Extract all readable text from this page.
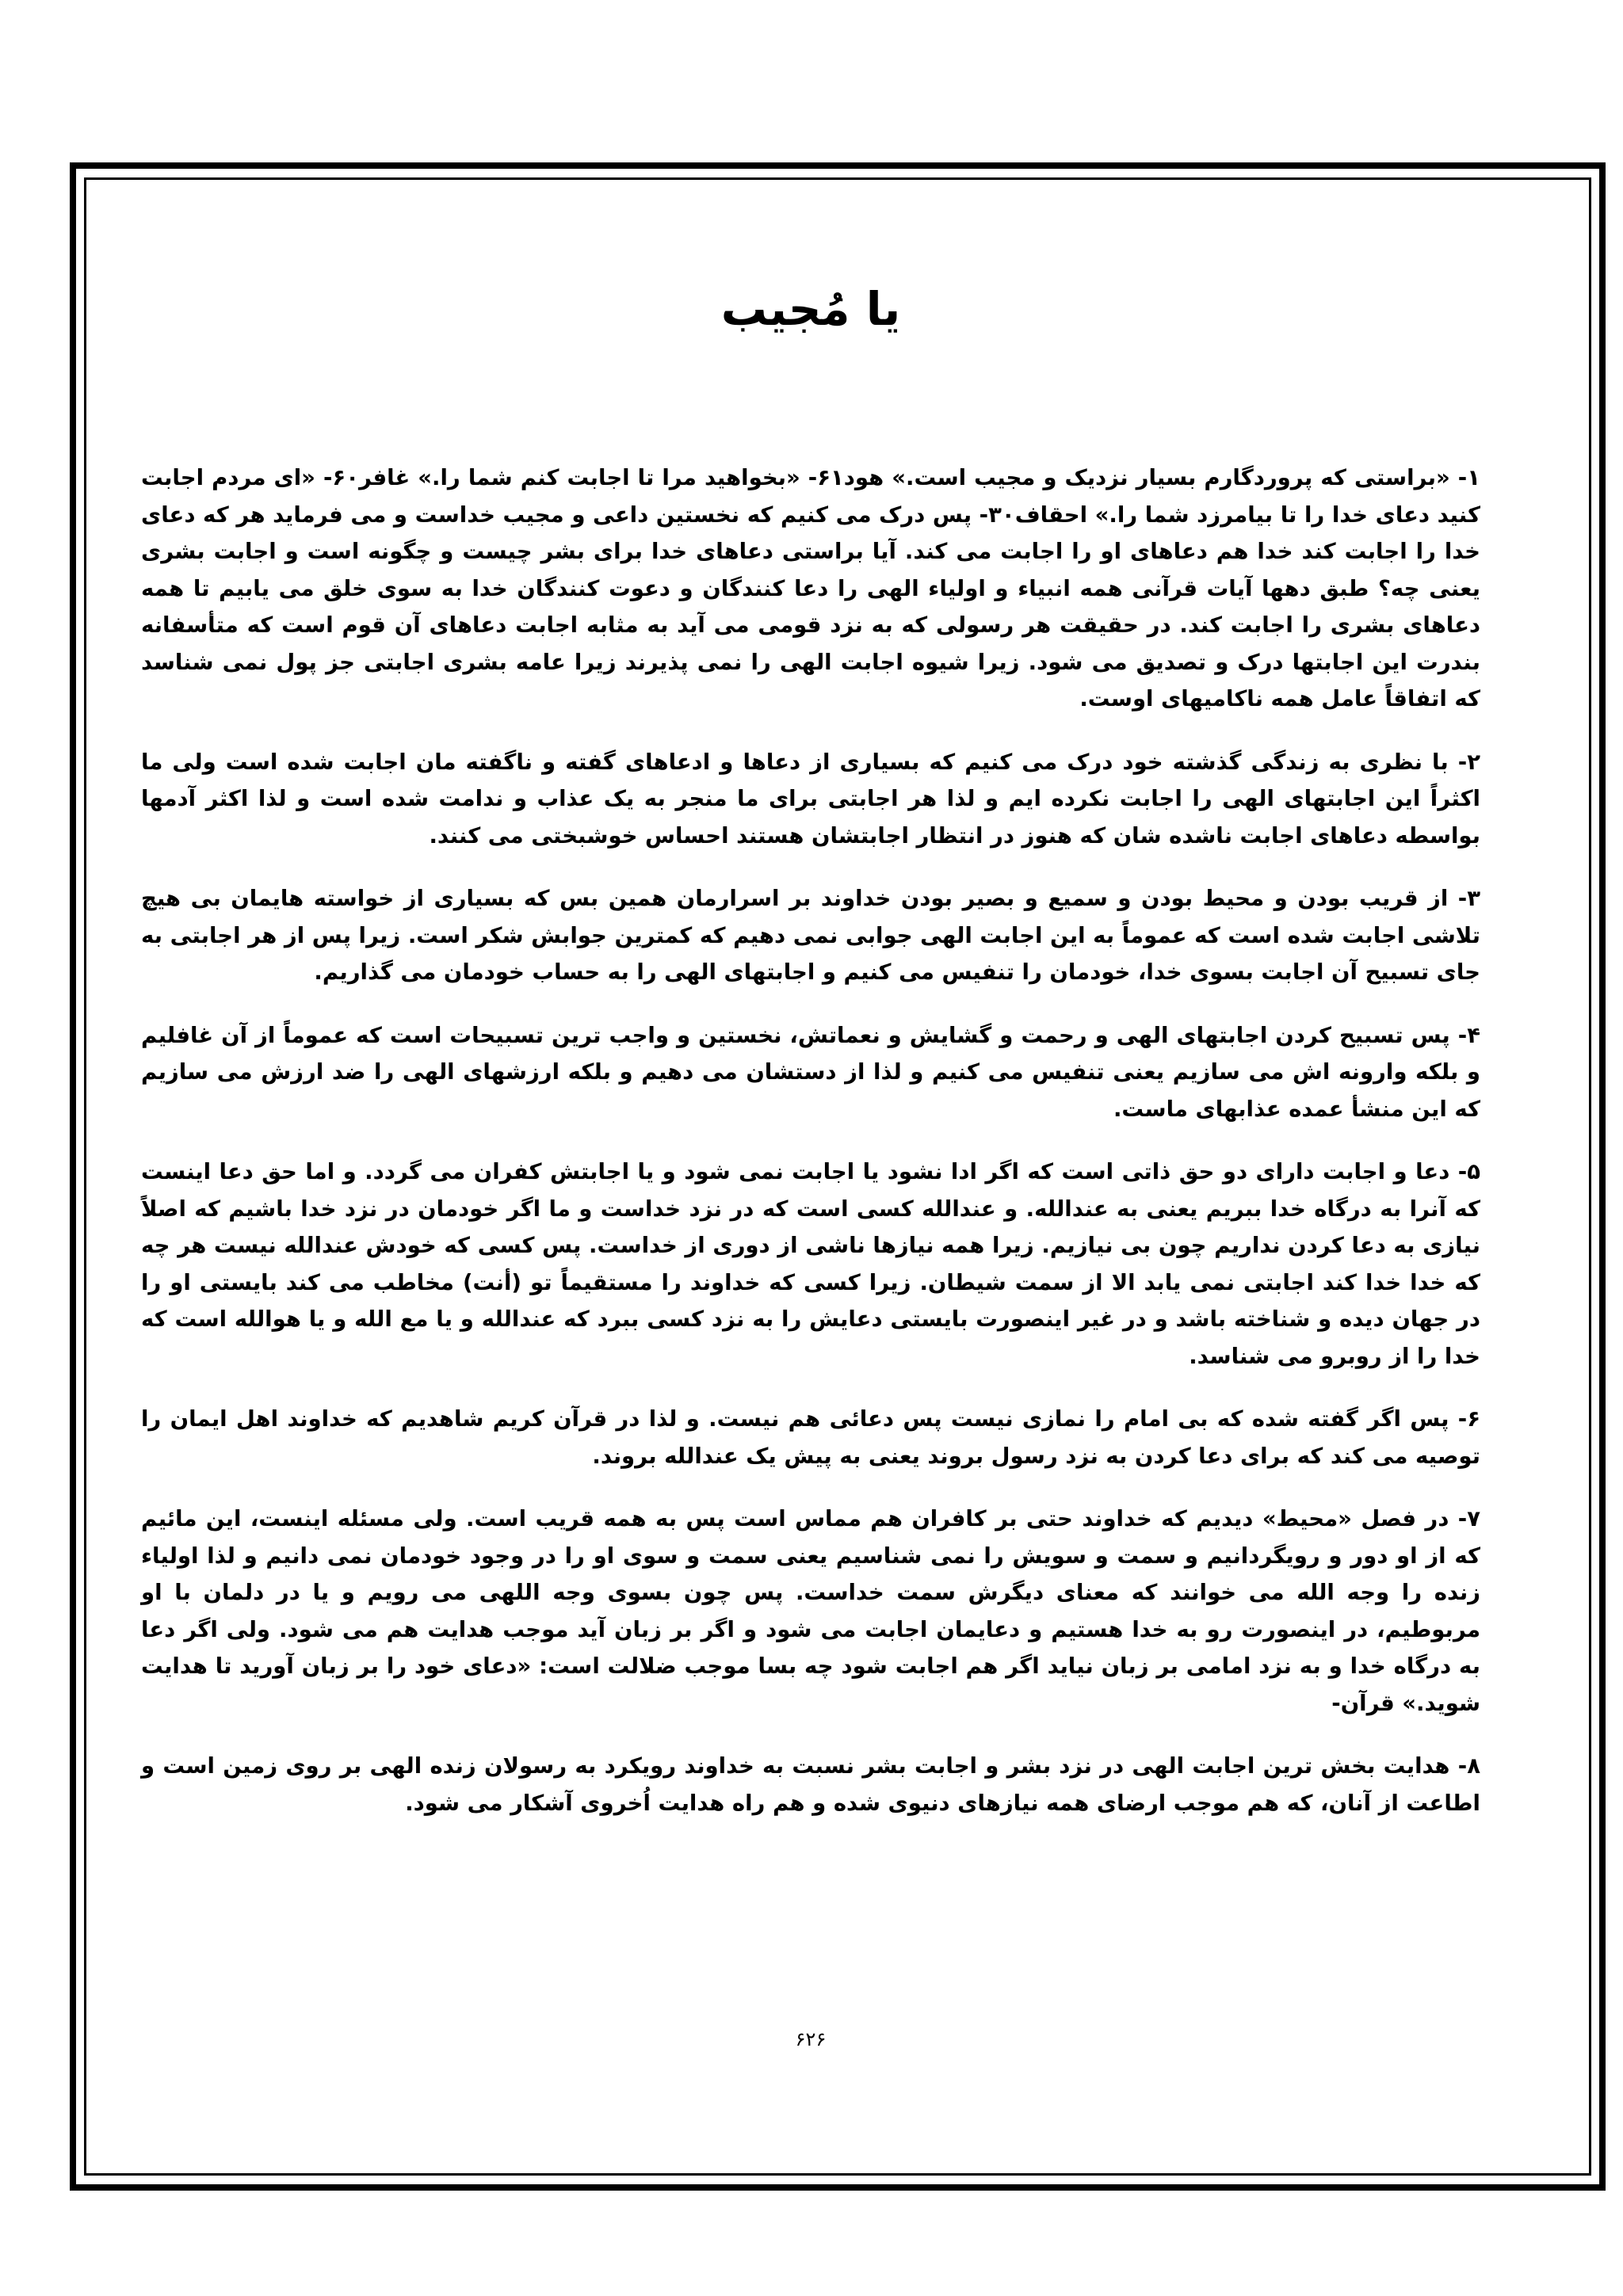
یا مُجیب

۱- «براستی که پروردگارم بسیار نزدیک و مجیب است.» هود۶۱- «بخواهید مرا تا اجابت کنم شما را.» غافر۶۰- «ای مردم اجابت کنید دعای خدا را تا بیامرزد شما را.» احقاف۳۰- پس درک می کنیم که نخستین داعی و مجیب خداست و می فرماید هر که دعای خدا را اجابت کند خدا هم دعاهای او را اجابت می کند. آیا براستی دعاهای خدا برای بشر چیست و چگونه است و اجابت بشری یعنی چه؟ طبق دهها آیات قرآنی همه انبیاء و اولیاء الهی را دعا کنندگان و دعوت کنندگان خدا به سوی خلق می یابیم تا همه دعاهای بشری را اجابت کند. در حقیقت هر رسولی که به نزد قومی می آید به مثابه اجابت دعاهای آن قوم است که متأسفانه بندرت این اجابتها درک و تصدیق می شود. زیرا شیوه اجابت الهی را نمی پذیرند زیرا عامه بشری اجابتی جز پول نمی شناسد که اتفاقاً عامل همه ناکامیهای اوست.

۲- با نظری به زندگی گذشته خود درک می کنیم که بسیاری از دعاها و ادعاهای گفته و ناگفته مان اجابت شده است ولی ما اکثراً این اجابتهای الهی را اجابت نکرده ایم و لذا هر اجابتی برای ما منجر به یک عذاب و ندامت شده است و لذا اکثر آدمها بواسطه دعاهای اجابت ناشده شان که هنوز در انتظار اجابتشان هستند احساس خوشبختی می کنند.

۳- از قریب بودن و محیط بودن و سمیع و بصیر بودن خداوند بر اسرارمان همین بس که بسیاری از خواسته هایمان بی هیچ تلاشی اجابت شده است که عموماً به این اجابت الهی جوابی نمی دهیم که کمترین جوابش شکر است. زیرا پس از هر اجابتی به جای تسبیح آن اجابت بسوی خدا، خودمان را تنفیس می کنیم و اجابتهای الهی را به حساب خودمان می گذاریم.

۴- پس تسبیح کردن اجابتهای الهی و رحمت و گشایش و نعماتش، نخستین و واجب ترین تسبیحات است که عموماً از آن غافلیم و بلکه وارونه اش می سازیم یعنی تنفیس می کنیم و لذا از دستشان می دهیم و بلکه ارزشهای الهی را ضد ارزش می سازیم که این منشأ عمده عذابهای ماست.

۵- دعا و اجابت دارای دو حق ذاتی است که اگر ادا نشود یا اجابت نمی شود و یا اجابتش کفران می گردد. و اما حق دعا اینست که آنرا به درگاه خدا ببریم یعنی به عندالله. و عندالله کسی است که در نزد خداست و ما اگر خودمان در نزد خدا باشیم که اصلاً نیازی به دعا کردن نداریم چون بی نیازیم. زیرا همه نیازها ناشی از دوری از خداست. پس کسی که خودش عندالله نیست هر چه که خدا خدا کند اجابتی نمی یابد الا از سمت شیطان. زیرا کسی که خداوند را مستقیماً تو (أنت) مخاطب می کند بایستی او را در جهان دیده و شناخته باشد و در غیر اینصورت بایستی دعایش را به نزد کسی ببرد که عندالله و یا مع الله و یا هوالله است که خدا را از روبرو می شناسد.

۶- پس اگر گفته شده که بی امام را نمازی نیست پس دعائی هم نیست. و لذا در قرآن کریم شاهدیم که خداوند اهل ایمان را توصیه می کند که برای دعا کردن به نزد رسول بروند یعنی به پیش یک عندالله بروند.

۷- در فصل «محیط» دیدیم که خداوند حتی بر کافران هم مماس است پس به همه قریب است. ولی مسئله اینست، این مائیم که از او دور و رویگردانیم و سمت و سویش را نمی شناسیم یعنی سمت و سوی او را در وجود خودمان نمی دانیم و لذا اولیاء زنده را وجه الله می خوانند که معنای دیگرش سمت خداست. پس چون بسوی وجه اللهی می رویم و یا در دلمان با او مربوطیم، در اینصورت رو به خدا هستیم و دعایمان اجابت می شود و اگر بر زبان آید موجب هدایت هم می شود. ولی اگر دعا به درگاه خدا و به نزد امامی بر زبان نیاید اگر هم اجابت شود چه بسا موجب ضلالت است: «دعای خود را بر زبان آورید تا هدایت شوید.» قرآن-

۸- هدایت بخش ترین اجابت الهی در نزد بشر و اجابت بشر نسبت به خداوند رویکرد به رسولان زنده الهی بر روی زمین است و اطاعت از آنان، که هم موجب ارضای همه نیازهای دنیوی شده و هم راه هدایت اُخروی آشکار می شود.

۶۲۶
